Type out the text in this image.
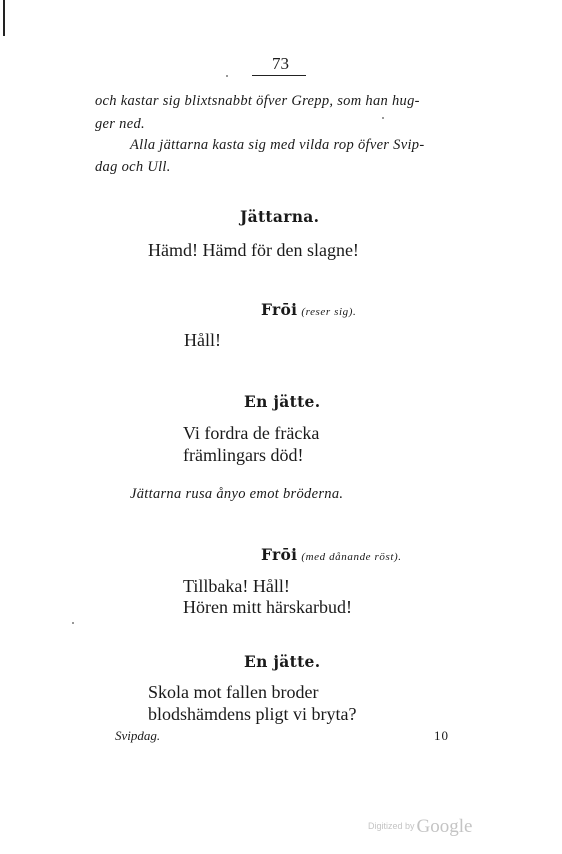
73
och kastar sig blixtsnabbt öfver Grepp, som han hug-
ger ned.
Alla jättarna kasta sig med vilda rop öfver Svip-
dag och Ull.
Jättarna.
Hämd! Hämd för den slagne!
Frōi (reser sig).
Håll!
En jätte.
Vi fordra de fräcka
främlingars död!
Jättarna rusa ånyo emot bröderna.
Frōi (med dånande röst).
Tillbaka! Håll!
Hören mitt härskarbud!
En jätte.
Skola mot fallen broder
blodshämdens pligt vi bryta?
Svipdag.	10
Digitized by Google
